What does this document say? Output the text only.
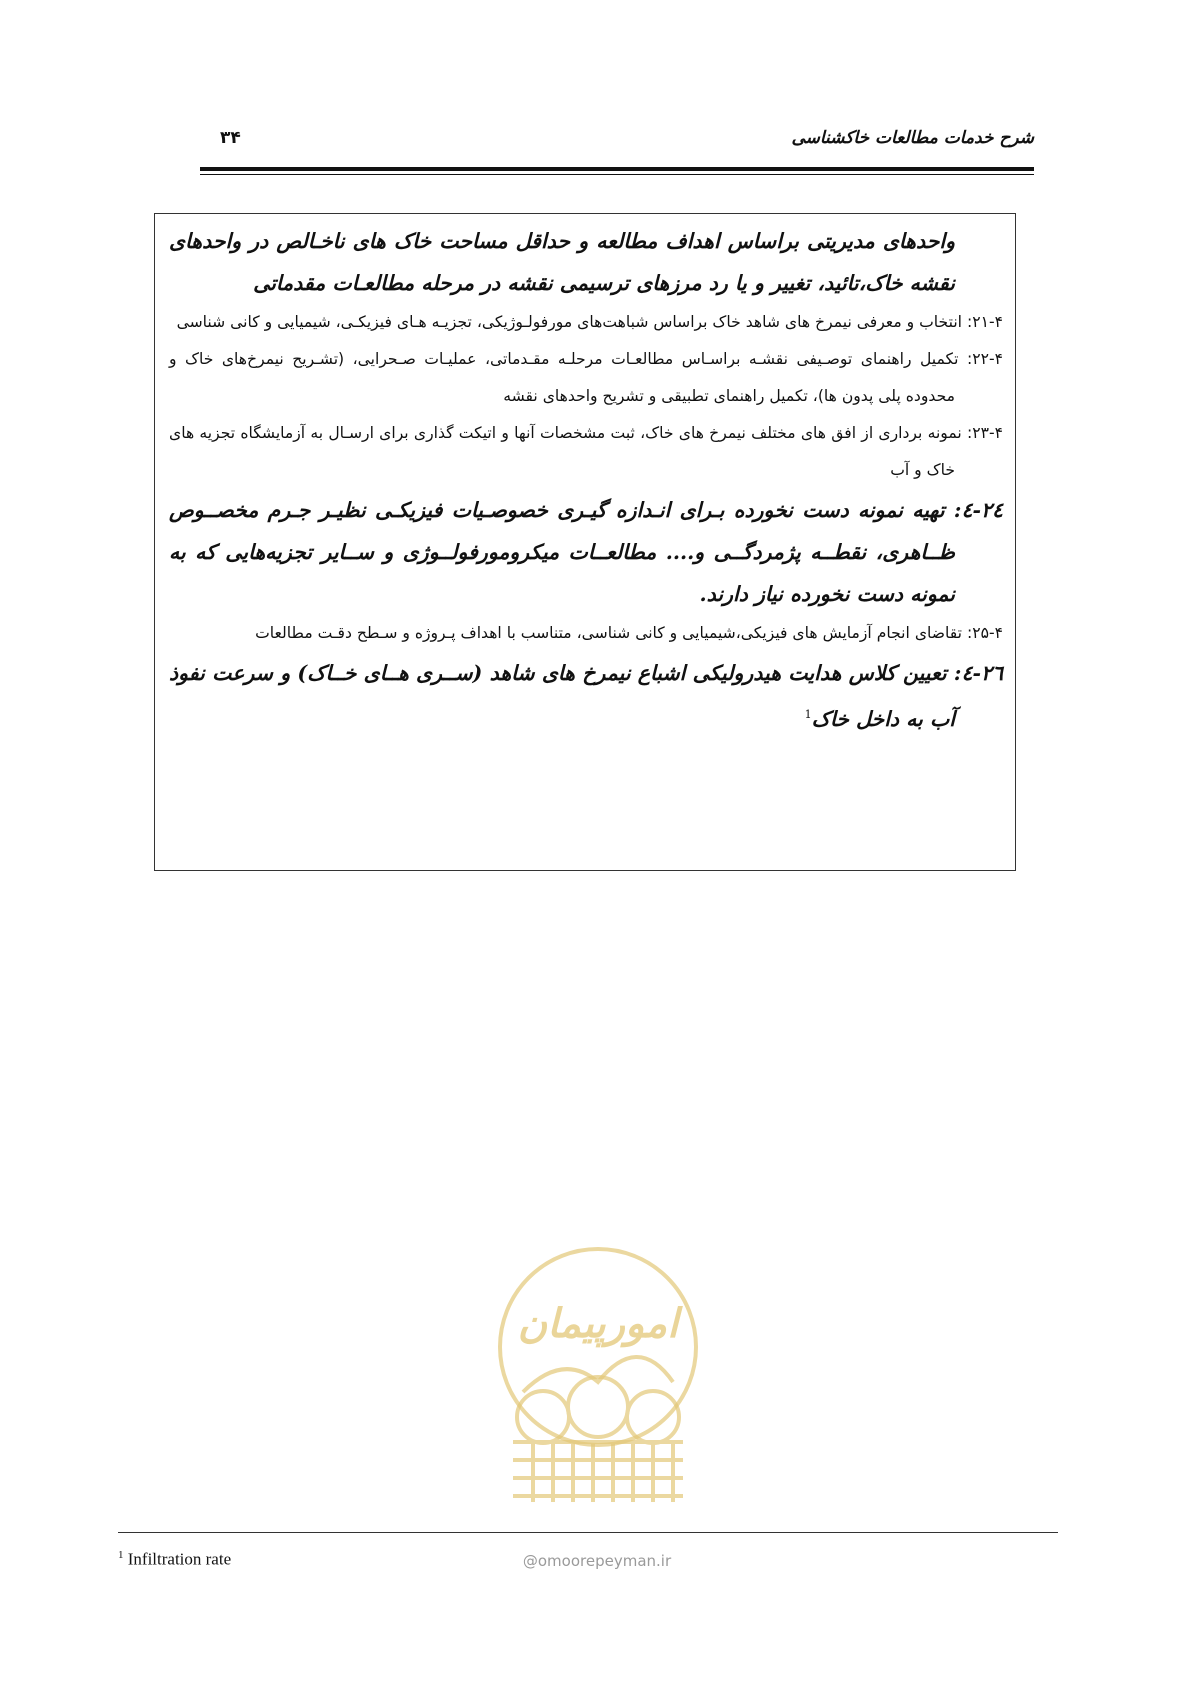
شرح خدمات مطالعات خاکشناسی
۳۴

واحدهای مدیریتی براساس اهداف مطالعه و حداقل مساحت خاک های ناخـالص در واحدهای نقشه خاک،تائید، تغییر و یا رد مرزهای ترسیمی نقشه در مرحله مطالعـات مقدماتی

۲۱-۴: انتخاب و معرفی نیمرخ های شاهد خاک براساس شباهت‌های مورفولـوژیکی، تجزیـه هـای فیزیکـی، شیمیایی و کانی شناسی

۲۲-۴: تکمیل راهنمای توصـیفی نقشـه براسـاس مطالعـات مرحلـه مقـدماتی، عملیـات صـحرایی، (تشـریح نیمرخ‌های خاک و محدوده پلی پدون ها)، تکمیل راهنمای تطبیقی و تشریح واحدهای نقشه

۲۳-۴: نمونه برداری از افق های مختلف نیمرخ های خاک، ثبت مشخصات آنها و اتیکت گذاری برای ارسـال به آزمایشگاه تجزیه های خاک و آب

۲٤-٤: تهیه نمونه دست نخورده بـرای انـدازه گیـری خصوصـیات فیزیکـی نظیـر جـرم مخصــوص ظــاهری، نقطــه پژمردگــی و.... مطالعــات میکرومورفولــوژی و ســایر تجزیه‌هایی که به نمونه دست نخورده نیاز دارند.

۲۵-۴: تقاضای انجام آزمایش های فیزیکی،شیمیایی و کانی شناسی، متناسب با اهداف پـروژه و سـطح دقـت مطالعات

۲٦-٤: تعیین کلاس هدایت هیدرولیکی اشباع نیمرخ های شاهد (ســری هــای خــاک) و سرعت نفوذ آب به داخل خاک$^1$

امورپیمان
$^1$ Infiltration rate	@omoorepeyman.ir
